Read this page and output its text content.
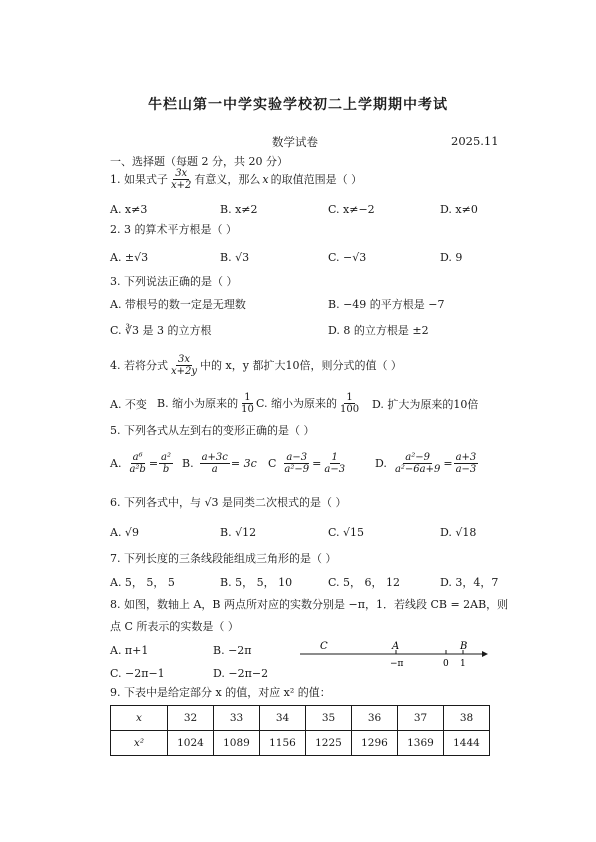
牛栏山第一中学实验学校初二上学期期中考试
数学试卷	2025.11
一、选择题（每题 2 分，共 20 分）
1. 如果式子 $\frac{3x}{x+2}$ 有意义，那么 x 的取值范围是（ ）
A. x≠3	B. x≠2	C. x≠−2	D. x≠0
2. 3 的算术平方根是（ ）
A. ±√3	B. √3	C. −√3	D. 9
3. 下列说法正确的是（ ）
A. 带根号的数一定是无理数	B. −49 的平方根是 −7
C. ∛3 是 3 的立方根	D. 8 的立方根是 ±2
4. 若将分式 $\frac{3x}{x+2y}$ 中的 x，y 都扩大10倍，则分式的值（ ）
A. 不变 B. 缩小为原来的 $\frac{1}{10} C$. 缩小为原来的 $\frac{1}{100} D$. 扩大为原来的10倍
5. 下列各式从左到右的变形正确的是（ ）
A. $\frac{\text{a⁶}}{\text{a²b}} = \frac{\text{a²}}{b} B$. $\frac{a+3c}{a} = 3c$ C $\frac{a-3}{\text{a²−9}} = \frac{1}{a-3}$	D. $\frac{\text{a²−9}}{\text{a²−6a+9}} = \frac{a+3}{a-3}$
6. 下列各式中，与 √3 是同类二次根式的是（ ）
A. √9	B. √12	C. √15	D. √18
7. 下列长度的三条线段能组成三角形的是（ ）
A. 5， 5， 5	B. 5， 5， 10	C. 5， 6， 12	D. 3，4，7
8. 如图，数轴上 A，B 两点所对应的实数分别是 −π，1．若线段 CB = 2AB，则
点 C 所表示的实数是（ ）
A. π+1	B. −2π
C. −2π−1	D. −2π−2
C	A	B
−π	0 1
9. 下表中是给定部分 x 的值，对应 x² 的值：
x	32	33	34	35	36	37	38
x²	1024	1089	1156	1225	1296	1369	1444
